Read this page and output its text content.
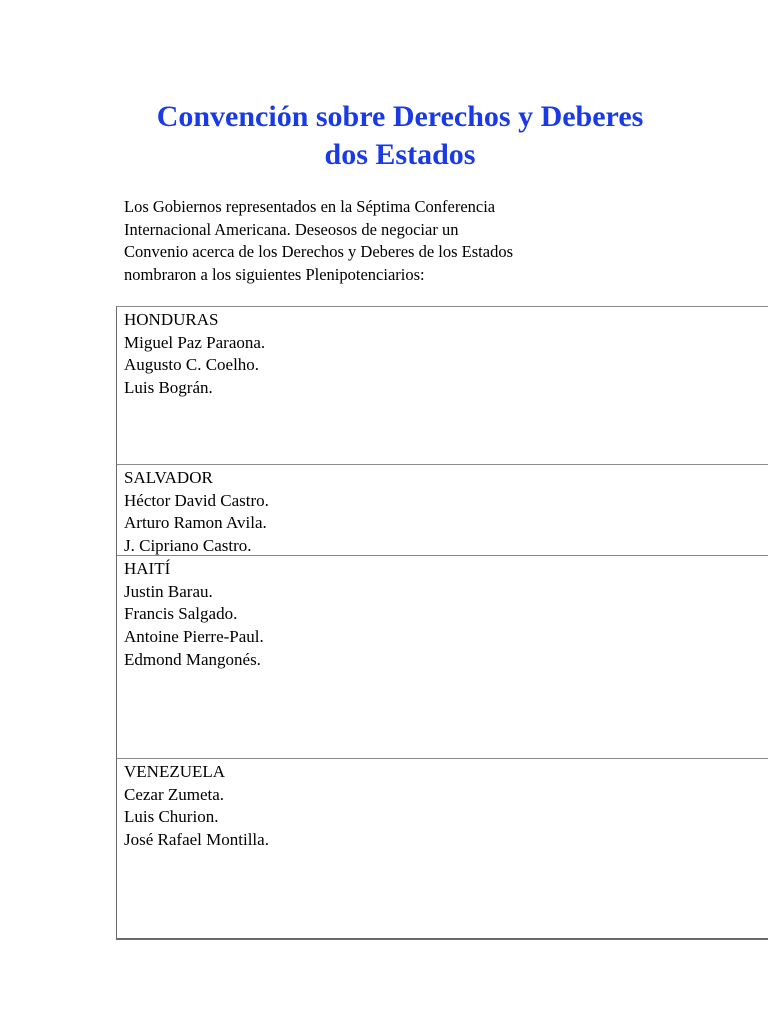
Convención sobre Derechos y Deberes
dos Estados
Los Gobiernos representados en la Séptima Conferencia
Internacional Americana. Deseosos de negociar un
Convenio acerca de los Derechos y Deberes de los Estados
nombraron a los siguientes Plenipotenciarios:
HONDURAS
Miguel Paz Paraona.
Augusto C. Coelho.
Luis Bográn.
SALVADOR
Héctor David Castro.
Arturo Ramon Avila.
J. Cipriano Castro.
HAITÍ
Justin Barau.
Francis Salgado.
Antoine Pierre-Paul.
Edmond Mangonés.
VENEZUELA
Cezar Zumeta.
Luis Churion.
José Rafael Montilla.
